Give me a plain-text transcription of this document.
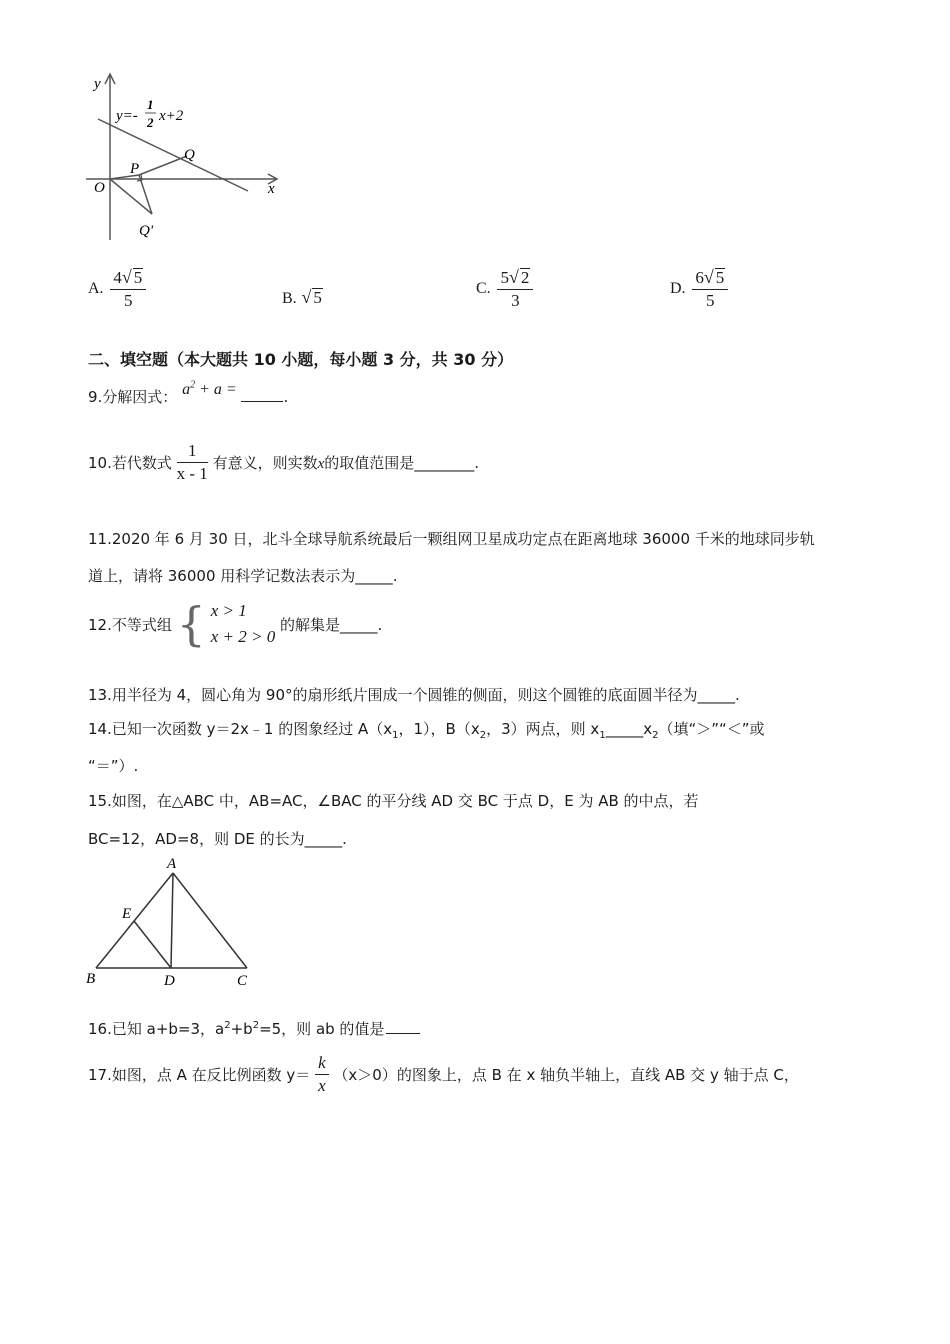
y
x
O
P
Q
Q'
y=-
1
2 x+2
A. $\frac{4√ 5}{5}$	B. √ 5	C. $\frac{5√ 2}{3}$	D. $\frac{6√ 5}{5}$
二、填空题（本大题共 10 小题，每小题 3 分，共 30 分）
9.分解因式： $a^2 + a$ =	.
10.若代数式 $\frac{1}{x - 1}$ 有意义，则实数x的取值范围是________.
11.2020 年 6 月 30 日，北斗全球导航系统最后一颗组网卫星成功定点在距离地球 36000 千米的地球同步轨
道上，请将 36000 用科学记数法表示为_____.
12.不等式组 { x > 1
x + 2 > 0
的解集是_____.
13.用半径为 4，圆心角为 90°的扇形纸片围成一个圆锥的侧面，则这个圆锥的底面圆半径为_____.
14.已知一次函数 y＝2x﹣1 的图象经过 $A(x_1$，1），$B(x_2$，3）两点，则 $x_1\_\_\_\_\_x_2$（填“＞”“＜”或
“＝”）.
15.如图，在△ABC 中，AB=AC，∠BAC 的平分线 AD 交 BC 于点 D，E 为 AB 的中点，若
BC=12，AD=8，则 DE 的长为_____.
A
B	C
D
E
16.已知 a+b=3，$a^2+b^2=5$，则 ab 的值是
17.如图，点 A 在反比例函数 $y= \frac{k}{x} (x>0)$的图象上，点 B 在 x 轴负半轴上，直线 AB 交 y 轴于点 C，
